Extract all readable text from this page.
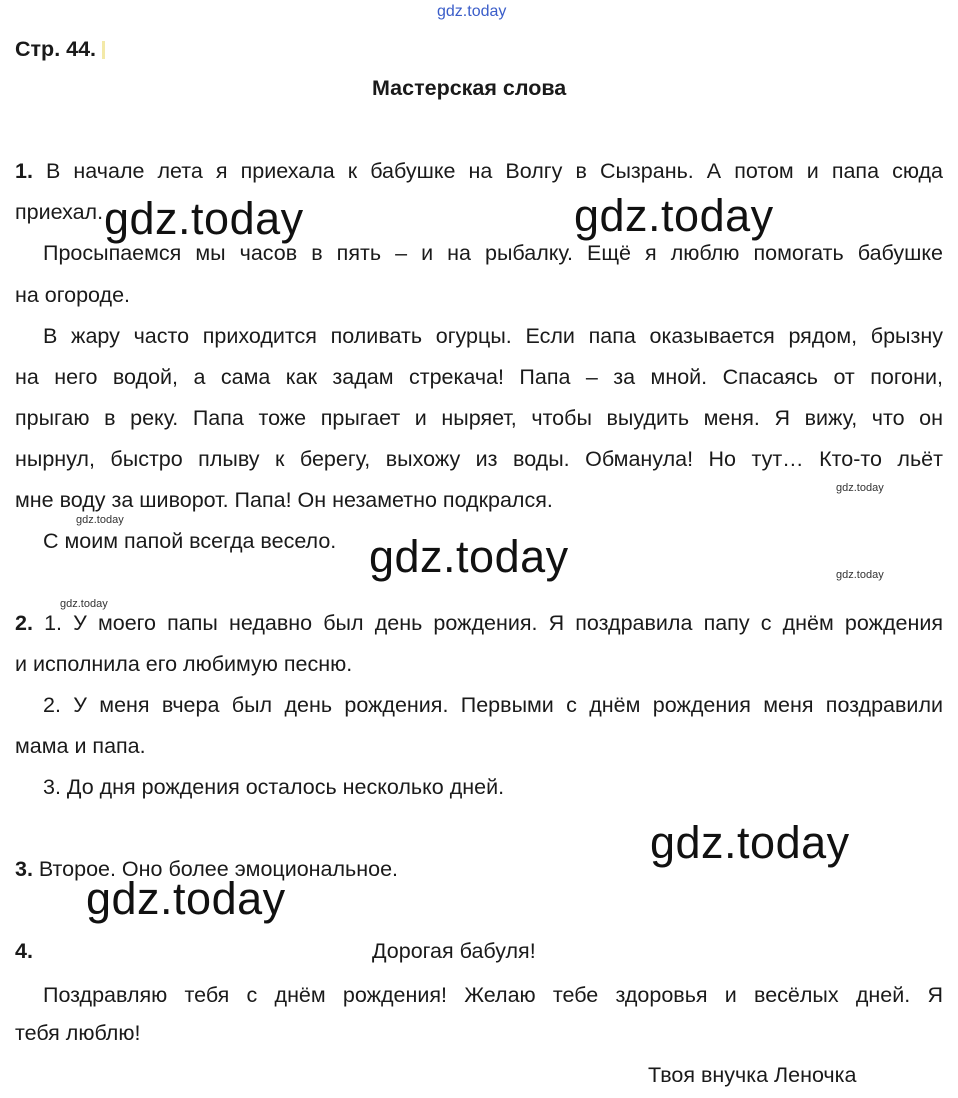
gdz.today
Стр. 44.
Мастерская слова
1. В начале лета я приехала к бабушке на Волгу в Сызрань. А потом и папа сюда
приехал.
Просыпаемся мы часов в пять – и на рыбалку. Ещё я люблю помогать бабушке
на огороде.
В жару часто приходится поливать огурцы. Если папа оказывается рядом, брызну
на него водой, а сама как задам стрекача! Папа – за мной. Спасаясь от погони,
прыгаю в реку. Папа тоже прыгает и ныряет, чтобы выудить меня. Я вижу, что он
нырнул, быстро плыву к берегу, выхожу из воды. Обманула! Но тут… Кто-то льёт
мне воду за шиворот. Папа! Он незаметно подкрался.
С моим папой всегда весело.
2. 1. У моего папы недавно был день рождения. Я поздравила папу с днём рождения
и исполнила его любимую песню.
2. У меня вчера был день рождения. Первыми с днём рождения меня поздравили
мама и папа.
3. До дня рождения осталось несколько дней.
3. Второе. Оно более эмоциональное.
4.	Дорогая бабуля!
Поздравляю тебя с днём рождения! Желаю тебе здоровья и весёлых дней. Я
тебя люблю!
Твоя внучка Леночка
gdz.today	gdz.today
gdz.today
gdz.today
gdz.today
gdz.today
gdz.today
gdz.today
gdz.today
